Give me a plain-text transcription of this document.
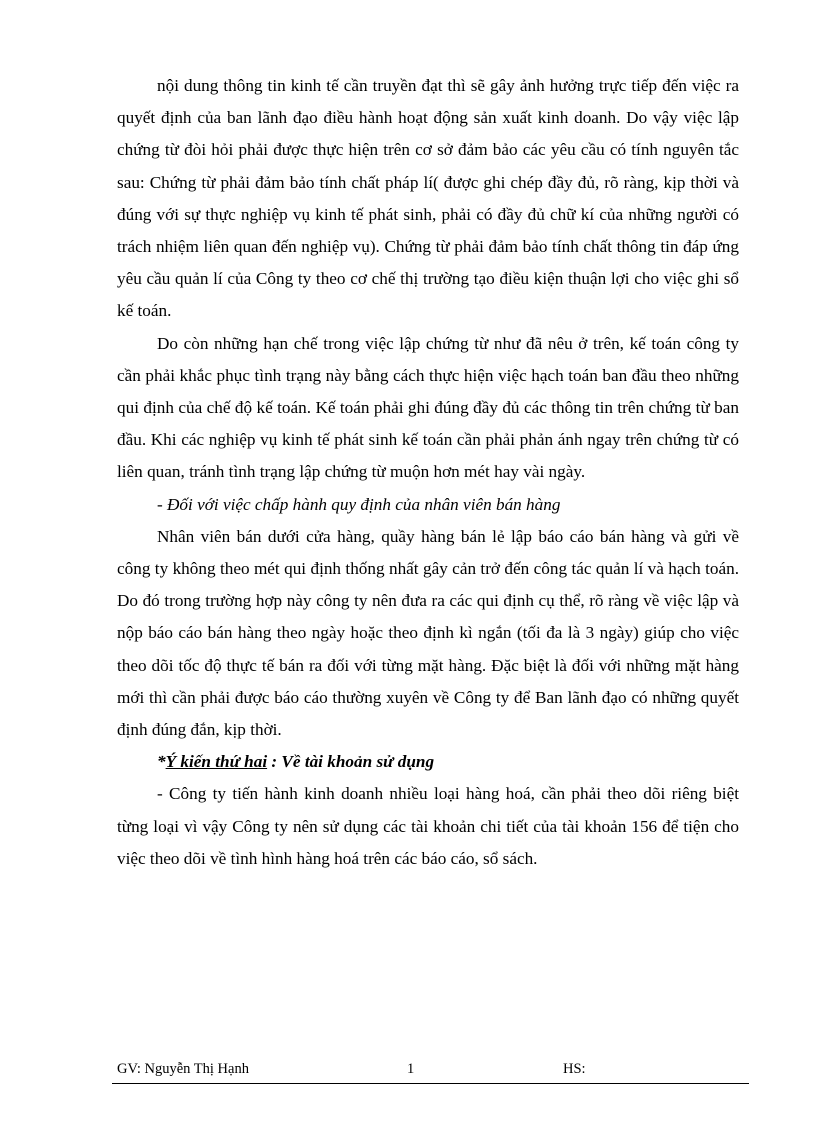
nội dung thông tin kinh tế cần truyền đạt thì sẽ gây ảnh hưởng trực tiếp đến việc ra quyết định của ban lãnh đạo điều hành hoạt động sản xuất kinh doanh. Do vậy việc lập chứng từ đòi hỏi phải được thực hiện trên cơ sở đảm bảo các yêu cầu có tính nguyên tắc sau: Chứng từ phải đảm bảo tính chất pháp lí( được ghi chép đầy đủ, rõ ràng, kịp thời và đúng với sự thực nghiệp vụ kinh tế phát sinh, phải có đầy đủ chữ kí của những người có trách nhiệm liên quan đến nghiệp vụ). Chứng từ phải đảm bảo tính chất thông tin đáp ứng yêu cầu quản lí của Công ty theo cơ chế thị trường tạo điều kiện thuận lợi cho việc ghi sổ kế toán.

Do còn những hạn chế trong việc lập chứng từ như đã nêu ở trên, kế toán công ty cần phải khắc phục tình trạng này bằng cách thực hiện việc hạch toán ban đầu theo những qui định của chế độ kế toán. Kế toán phải ghi đúng đầy đủ các thông tin trên chứng từ ban đầu. Khi các nghiệp vụ kinh tế phát sinh kế toán cần phải phản ánh ngay trên chứng từ có liên quan, tránh tình trạng lập chứng từ muộn hơn mét hay vài ngày.

- Đối với việc chấp hành quy định của nhân viên bán hàng

Nhân viên bán dưới cửa hàng, quầy hàng bán lẻ lập báo cáo bán hàng và gửi về công ty không theo mét qui định thống nhất gây cản trở đến công tác quản lí và hạch toán. Do đó trong trường hợp này công ty nên đưa ra các qui định cụ thể, rõ ràng về việc lập và nộp báo cáo bán hàng theo ngày hoặc theo định kì ngắn (tối đa là 3 ngày) giúp cho việc theo dõi tốc độ thực tế bán ra đối với từng mặt hàng. Đặc biệt là đối với những mặt hàng mới thì cần phải được báo cáo thường xuyên về Công ty để Ban lãnh đạo có những quyết định đúng đắn, kịp thời.

*Ý kiến thứ hai : Về tài khoản sử dụng

- Công ty tiến hành kinh doanh nhiều loại hàng hoá, cần phải theo dõi riêng biệt từng loại vì vậy Công ty nên sử dụng các tài khoản chi tiết của tài khoản 156 để tiện cho việc theo dõi về tình hình hàng hoá trên các báo cáo, sổ sách.

GV: Nguyễn Thị Hạnh	1	HS:
